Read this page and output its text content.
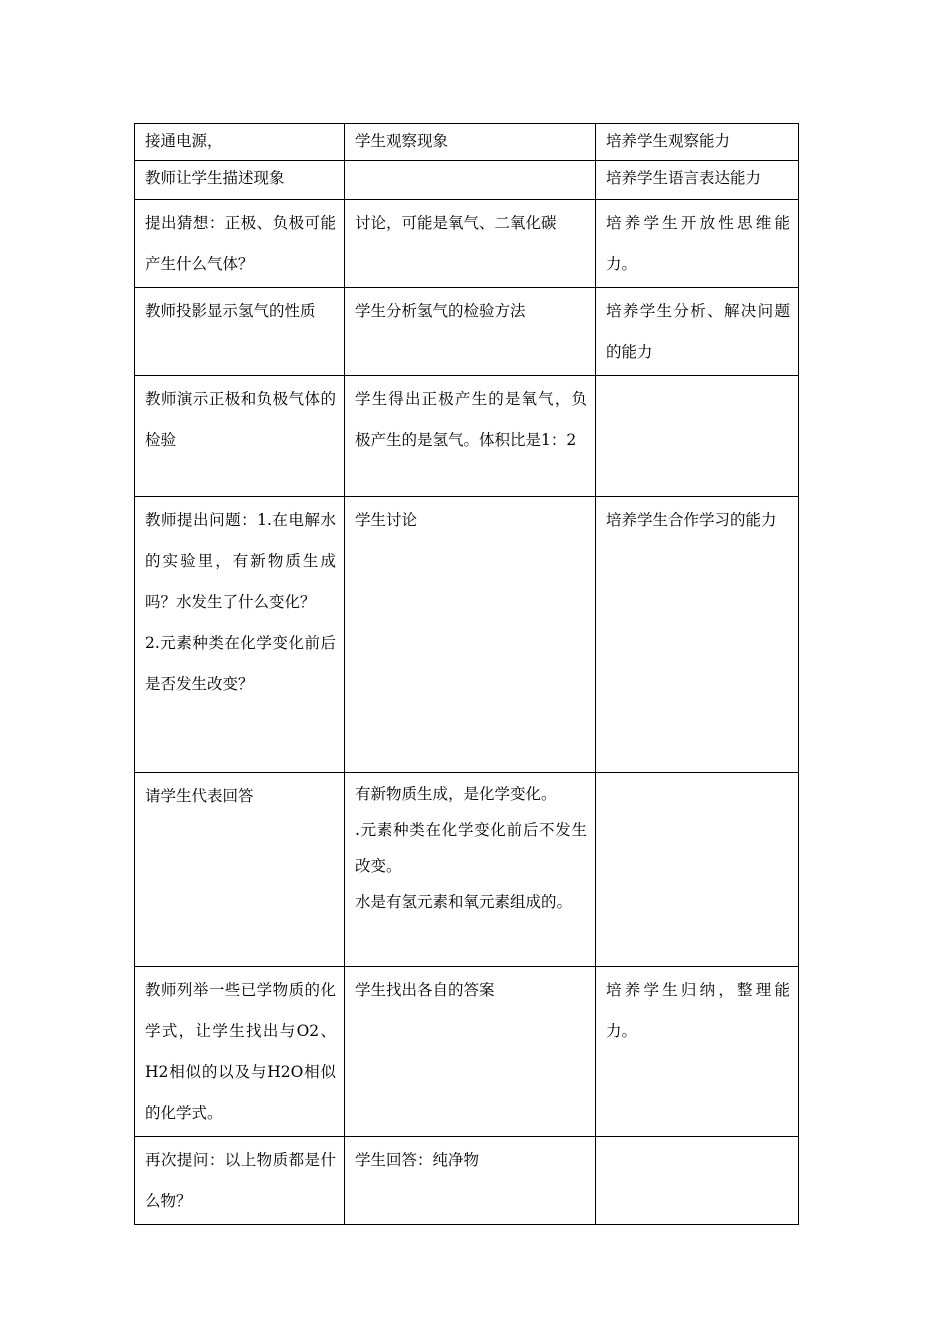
接通电源，	学生观察现象	培养学生观察能力

教师让学生描述现象		培养学生语言表达能力

提出猜想：正极、负极可能产生什么气体？	讨论，可能是氧气、二氧化碳	培养学生开放性思维能力。

教师投影显示氢气的性质	学生分析氢气的检验方法	培养学生分析、解决问题的能力

教师演示正极和负极气体的检验	学生得出正极产生的是氧气，负极产生的是氢气。体积比是1：2	

教师提出问题：1.在电解水的实验里，有新物质生成吗？水发生了什么变化？
2.元素种类在化学变化前后是否发生改变？	学生讨论	培养学生合作学习的能力

请学生代表回答	有新物质生成，是化学变化。
.元素种类在化学变化前后不发生改变。
水是有氢元素和氧元素组成的。	

教师列举一些已学物质的化学式，让学生找出与O2、H2相似的以及与H2O相似的化学式。	学生找出各自的答案	培养学生归纳，整理能力。

再次提问：以上物质都是什么物？	学生回答：纯净物	
